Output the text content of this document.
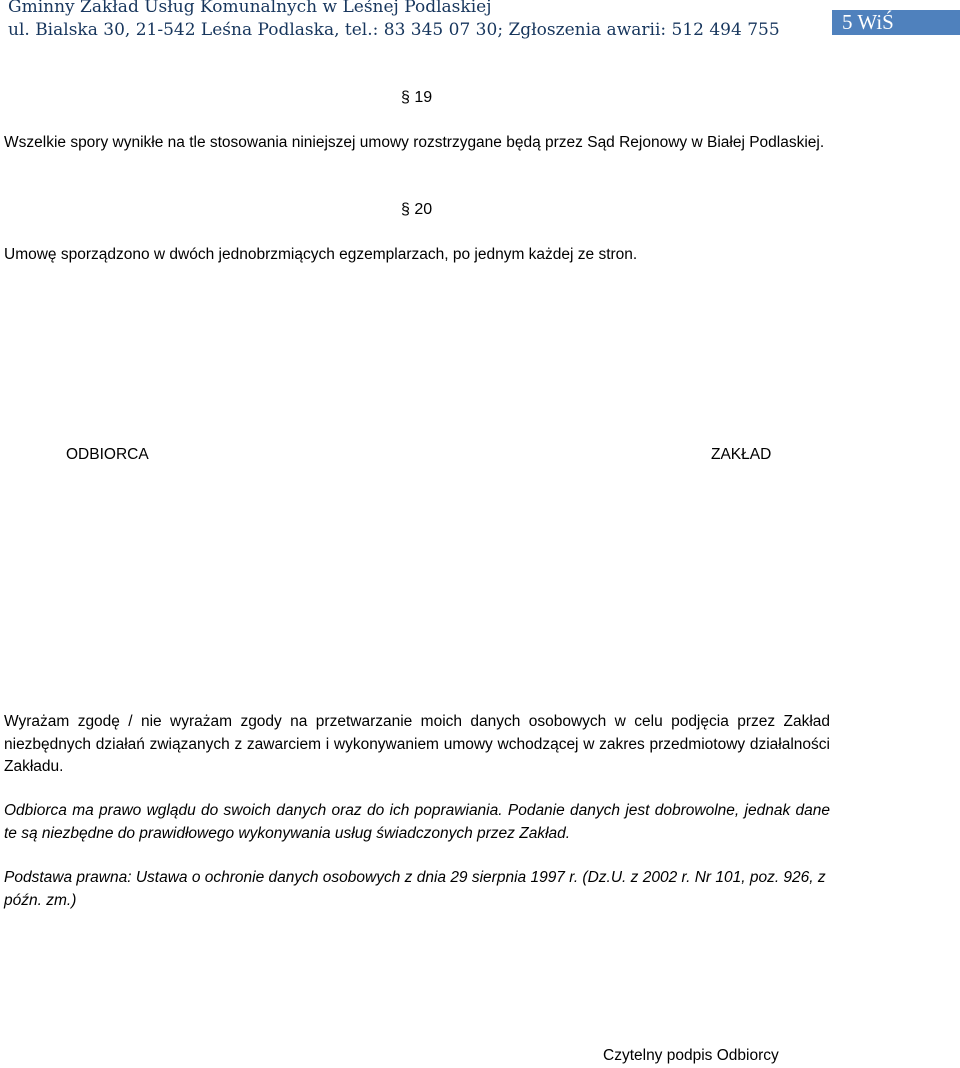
Gminny Zakład Usług Komunalnych w Leśnej Podlaskiej
ul. Bialska 30, 21-542 Leśna Podlaska, tel.: 83 345 07 30; Zgłoszenia awarii: 512 494 755	5 WiŚ
§ 19
Wszelkie spory wynikłe na tle stosowania niniejszej umowy rozstrzygane będą przez Sąd Rejonowy w Białej Podlaskiej.
§ 20
Umowę sporządzono w dwóch jednobrzmiących egzemplarzach, po jednym każdej ze stron.
ODBIORCA	ZAKŁAD
Wyrażam zgodę / nie wyrażam zgody na przetwarzanie moich danych osobowych w celu podjęcia przez Zakład niezbędnych działań związanych z zawarciem i wykonywaniem umowy wchodzącej w zakres przedmiotowy działalności Zakładu.
Odbiorca ma prawo wglądu do swoich danych oraz do ich poprawiania. Podanie danych jest dobrowolne, jednak dane te są niezbędne do prawidłowego wykonywania usług świadczonych przez Zakład.
Podstawa prawna: Ustawa o ochronie danych osobowych z dnia 29 sierpnia 1997 r. (Dz.U. z 2002 r. Nr 101, poz. 926, z późn. zm.)
Czytelny podpis Odbiorcy
